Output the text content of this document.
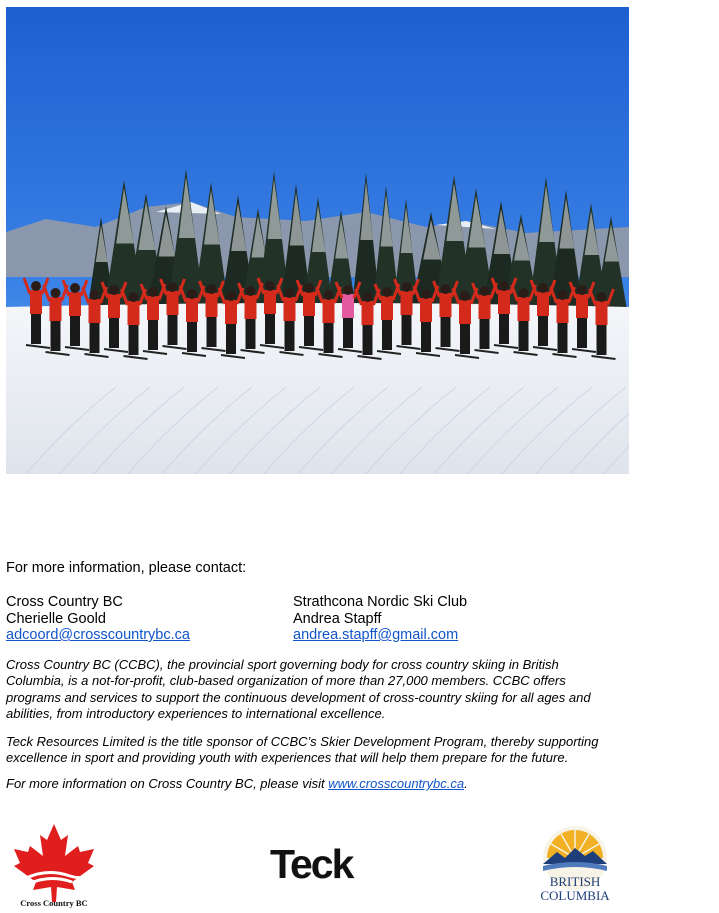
For more information, please contact:
Cross Country BC
Cherielle Goold
adcoord@crosscountrybc.ca
Strathcona Nordic Ski Club
Andrea Stapff
andrea.stapff@gmail.com
Cross Country BC (CCBC), the provincial sport governing body for cross country skiing in British Columbia, is a not-for-profit, club-based organization of more than 27,000 members. CCBC offers programs and services to support the continuous development of cross-country skiing for all ages and abilities, from introductory experiences to international excellence.
Teck Resources Limited is the title sponsor of CCBC’s Skier Development Program, thereby supporting excellence in sport and providing youth with experiences that will help them prepare for the future.
For more information on Cross Country BC, please visit www.crosscountrybc.ca.
Cross Country BC
Teck	BRITISH
COLUMBIA
